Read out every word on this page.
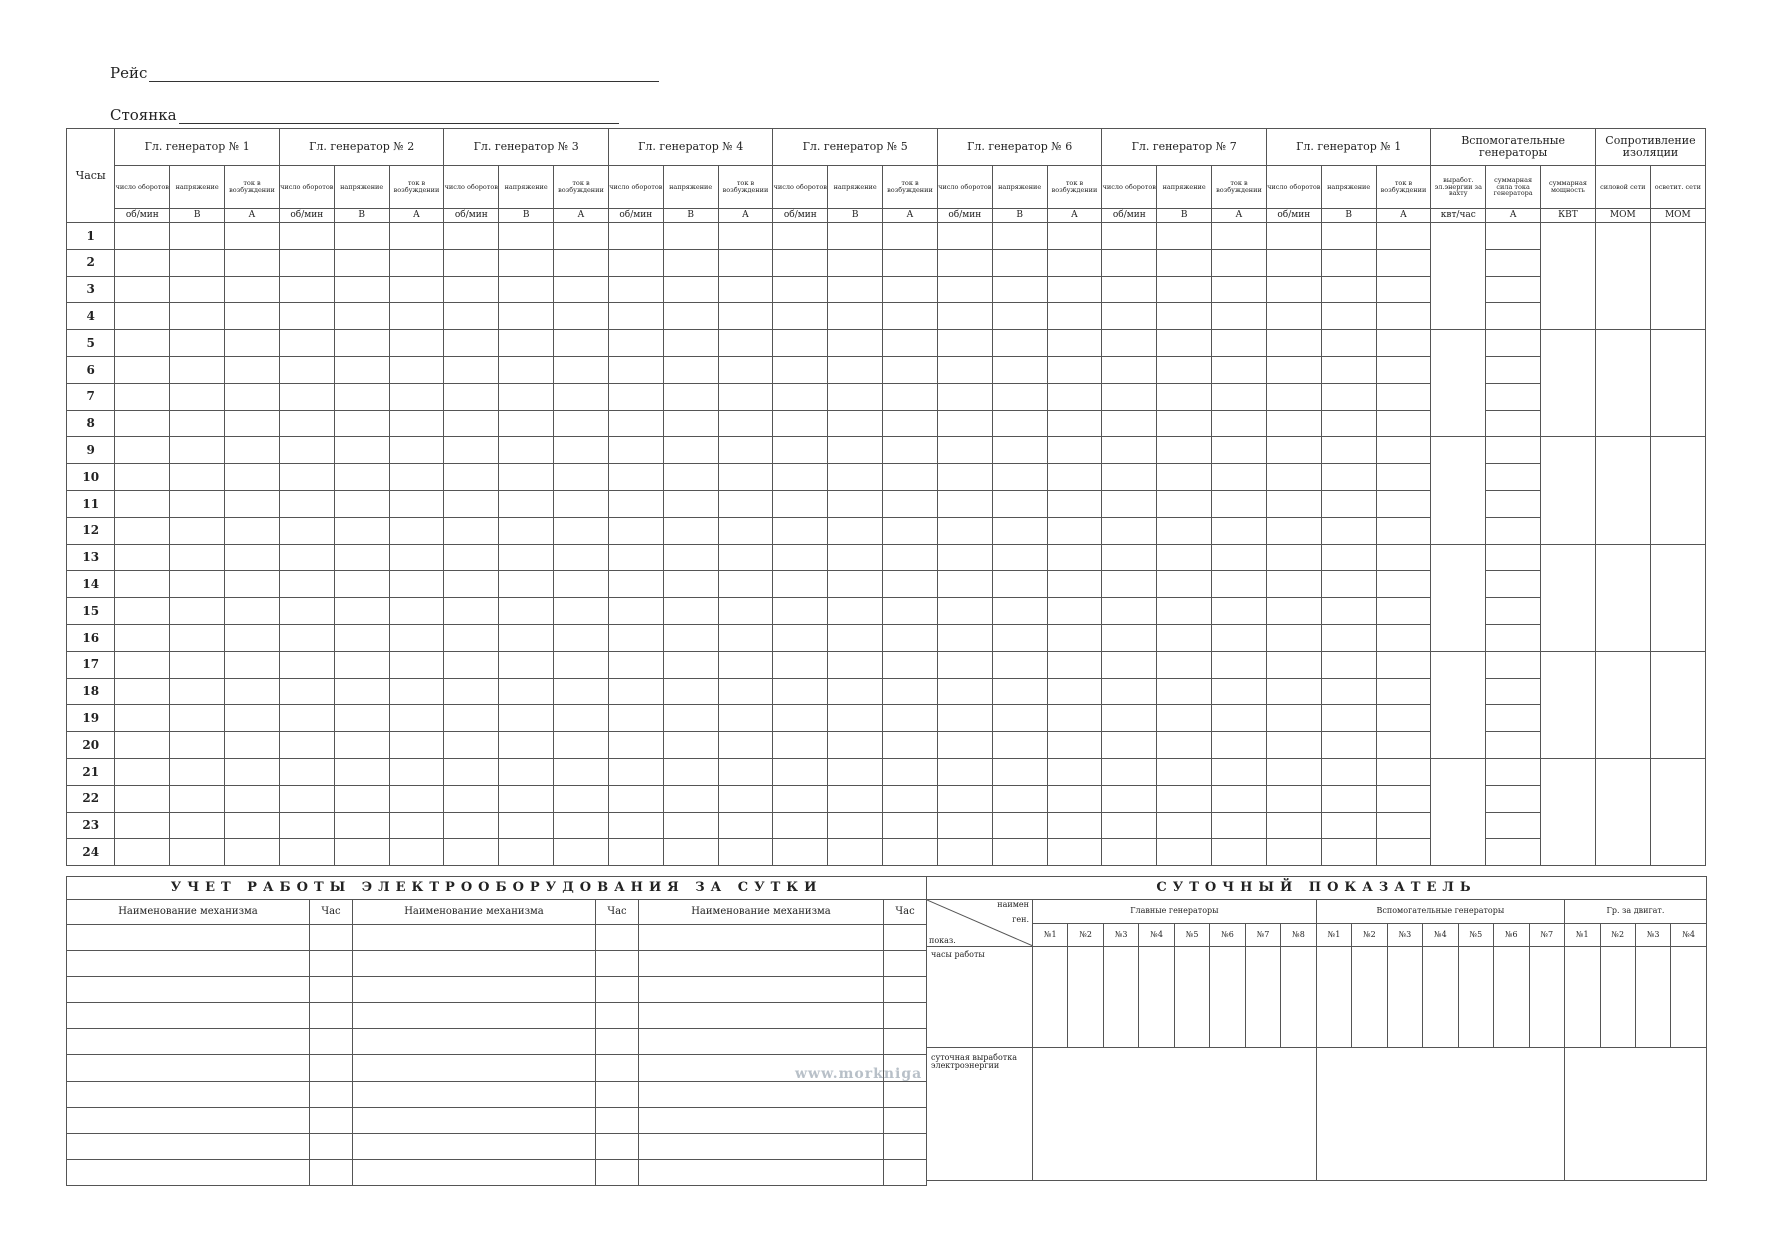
Рейс
Стоянка
Часы	Гл. генератор № 1			Гл. генератор № 2			Гл. генератор № 3			Гл. генератор № 4			Гл. генератор № 5			Гл. генератор № 6			Гл. генератор № 7			Гл. генератор № 1			Вспомогательные генераторы			Сопротивление изоляции	
	число оборотов	напряжение	ток в возбуждении	число оборотов	напряжение	ток в возбуждении	число оборотов	напряжение	ток в возбуждении	число оборотов	напряжение	ток в возбуждении	число оборотов	напряжение	ток в возбуждении	число оборотов	напряжение	ток в возбуждении	число оборотов	напряжение	ток в возбуждении	число оборотов	напряжение	ток в возбуждении	выработ. эл.энергии за вахту	суммарная сила тока генератора	суммарная мощность	силовой сети	осветит. сети
	об/мин	В	А	об/мин	В	А	об/мин	В	А	об/мин	В	А	об/мин	В	А	об/мин	В	А	об/мин	В	А	об/мин	В	А	квт/час	А	КВТ	МОМ	МОМ
1																													
2																													
3																													
4																													
5																													
6																													
7																													
8																													
9																													
10																													
11																													
12																													
13																													
14																													
15																													
16																													
17																													
18																													
19																													
20																													
21																													
22																													
23																													
24																													
УЧЕТ РАБОТЫ ЭЛЕКТРООБОРУДОВАНИЯ ЗА СУТКИ					
Наименование механизма	Час	Наименование механизма	Час	Наименование механизма	Час

СУТОЧНЫЙ ПОКАЗАТЕЛЬ																			

наимен
ген.
показ.	Главные генераторы								Вспомогательные генераторы							Гр. за двигат.			
	№1	№2	№3	№4	№5	№6	№7	№8	№1	№2	№3	№4	№5	№6	№7	№1	№2	№3	№4
часы работы																			
суточная выработка электроэнергии																			
www.morkniga
